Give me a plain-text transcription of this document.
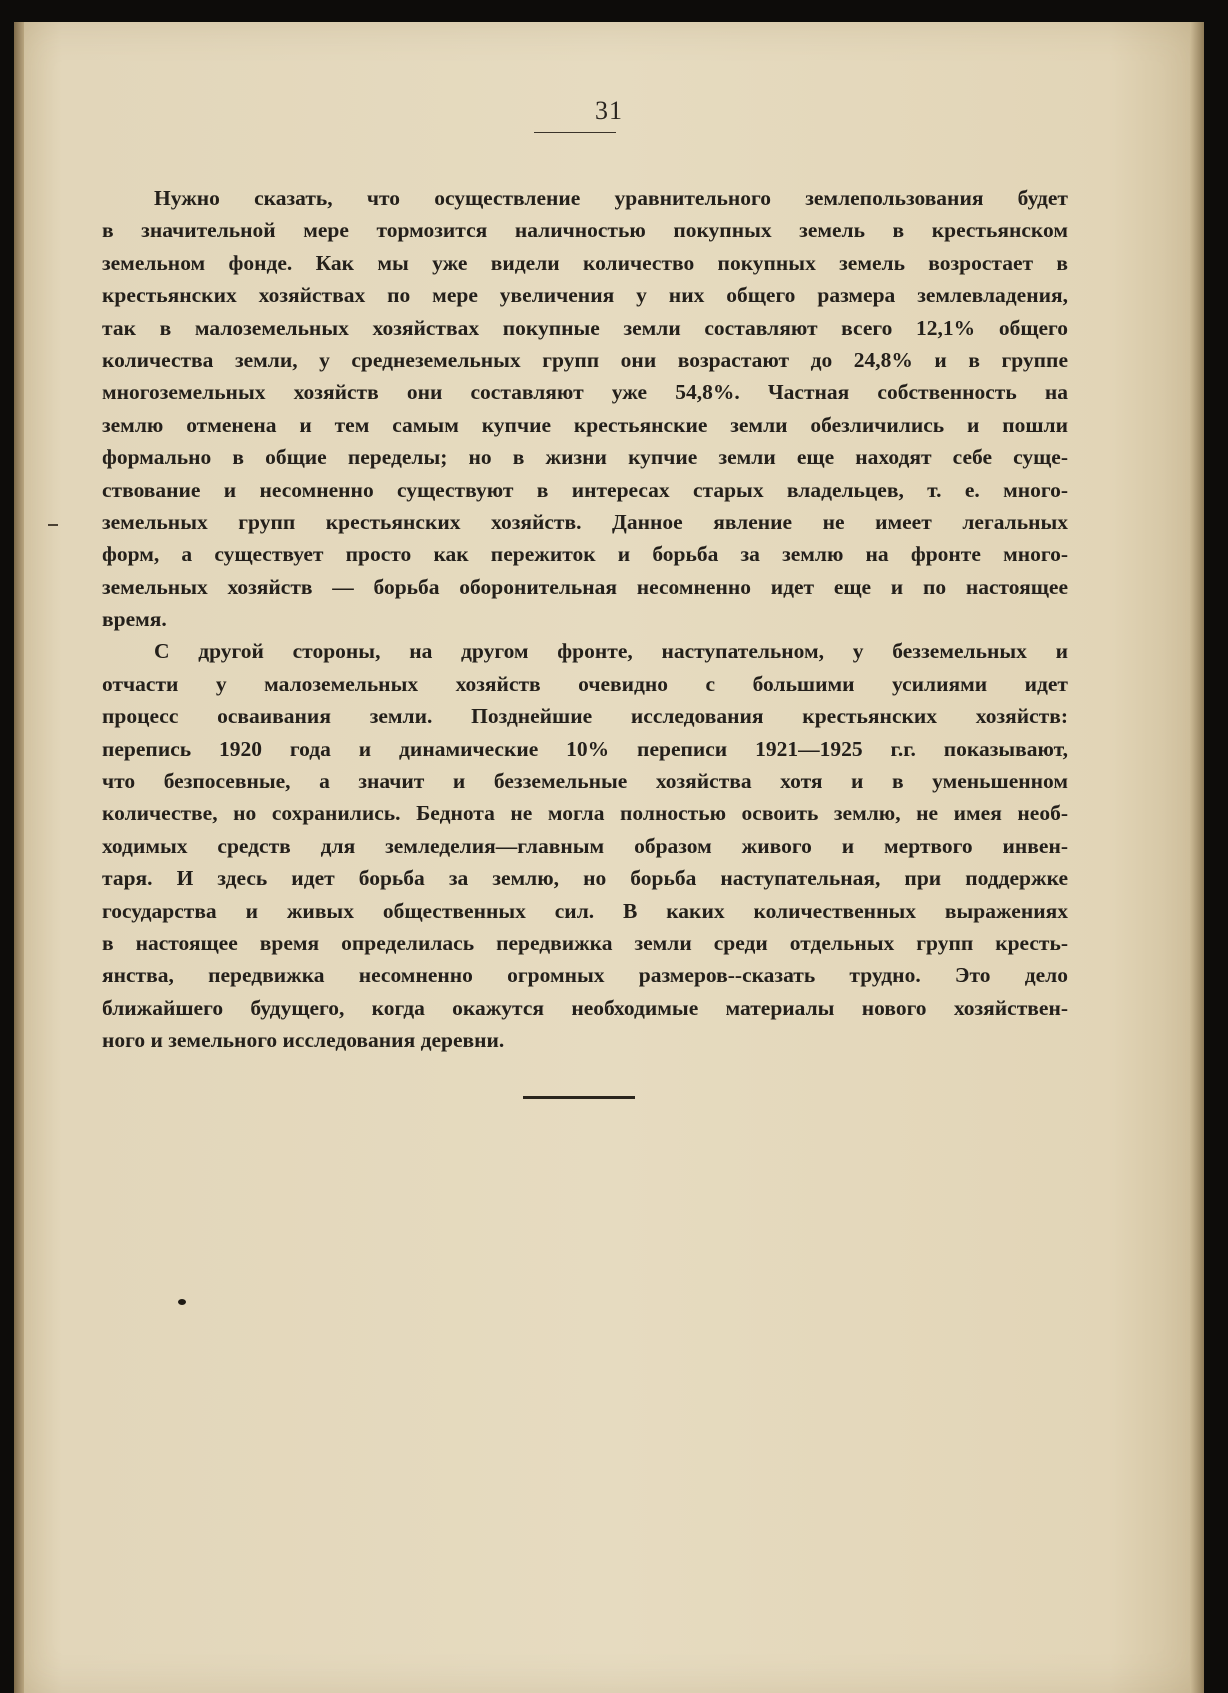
31
Нужно сказать, что осуществление уравнительного землепользования будет
в значительной мере тормозится наличностью покупных земель в крестьянском
земельном фонде. Как мы уже видели количество покупных земель возростает в
крестьянских хозяйствах по мере увеличения у них общего размера землевладения,
так в малоземельных хозяйствах покупные земли составляют всего 12,1% общего
количества земли, у среднеземельных групп они возрастают до 24,8% и в группе
многоземельных хозяйств они составляют уже 54,8%. Частная собственность на
землю отменена и тем самым купчие крестьянские земли обезличились и пошли
формально в общие переделы; но в жизни купчие земли еще находят себе суще-
ствование и несомненно существуют в интересах старых владельцев, т. е. много-
земельных групп крестьянских хозяйств. Данное явление не имеет легальных
форм, а существует просто как пережиток и борьба за землю на фронте много-
земельных хозяйств — борьба оборонительная несомненно идет еще и по настоящее
время.
С другой стороны, на другом фронте, наступательном, у безземельных и
отчасти у малоземельных хозяйств очевидно с большими усилиями идет
процесс осваивания земли. Позднейшие исследования крестьянских хозяйств:
перепись 1920 года и динамические 10% переписи 1921—1925 г.г. показывают,
что безпосевные, а значит и безземельные хозяйства хотя и в уменьшенном
количестве, но сохранились. Беднота не могла полностью освоить землю, не имея необ-
ходимых средств для земледелия—главным образом живого и мертвого инвен-
таря. И здесь идет борьба за землю, но борьба наступательная, при поддержке
государства и живых общественных сил. В каких количественных выражениях
в настоящее время определилась передвижка земли среди отдельных групп кресть-
янства, передвижка несомненно огромных размеров--сказать трудно. Это дело
ближайшего будущего, когда окажутся необходимые материалы нового хозяйствен-
ного и земельного исследования деревни.
